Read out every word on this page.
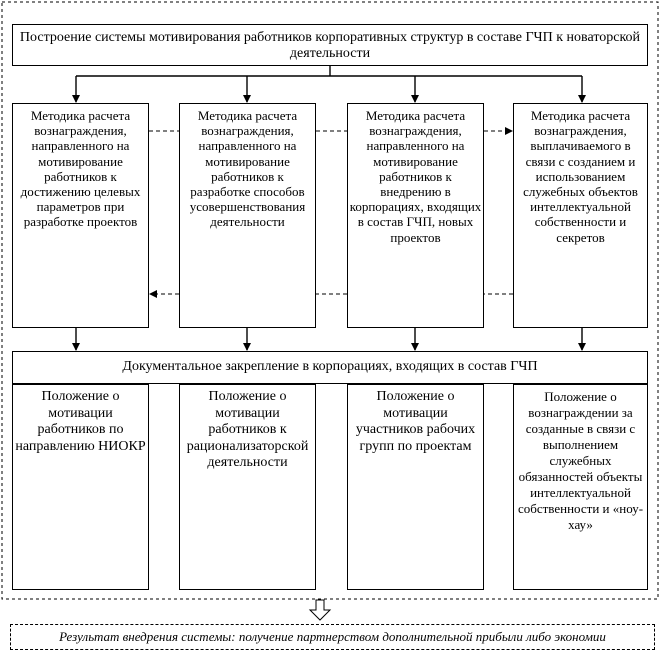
Построение системы мотивирования работников корпоративных структур в составе ГЧП к новаторской деятельности
Методика расчета вознаграждения, направленного на мотивирование работников к достижению целевых параметров при разработке проектов
Методика расчета вознаграждения, направленного на мотивирование работников к разработке способов усовершенствования деятельности
Методика расчета вознаграждения, направленного на мотивирование работников к внедрению в корпорациях, входящих в состав ГЧП, новых проектов
Методика расчета вознаграждения, выплачиваемого в связи с созданием и использованием служебных объектов интеллектуальной собственности и секретов
Документальное закрепление в корпорациях, входящих в состав ГЧП
Положение о мотивации работников по направлению НИОКР
Положение о мотивации работников к рационализаторской деятельности
Положение о мотивации участников рабочих групп по проектам
Положение о вознаграждении за созданные в связи с выполнением служебных обязанностей объекты интеллектуальной собственности и «ноу-хау»
Результат внедрения системы: получение партнерством дополнительной прибыли либо экономии
